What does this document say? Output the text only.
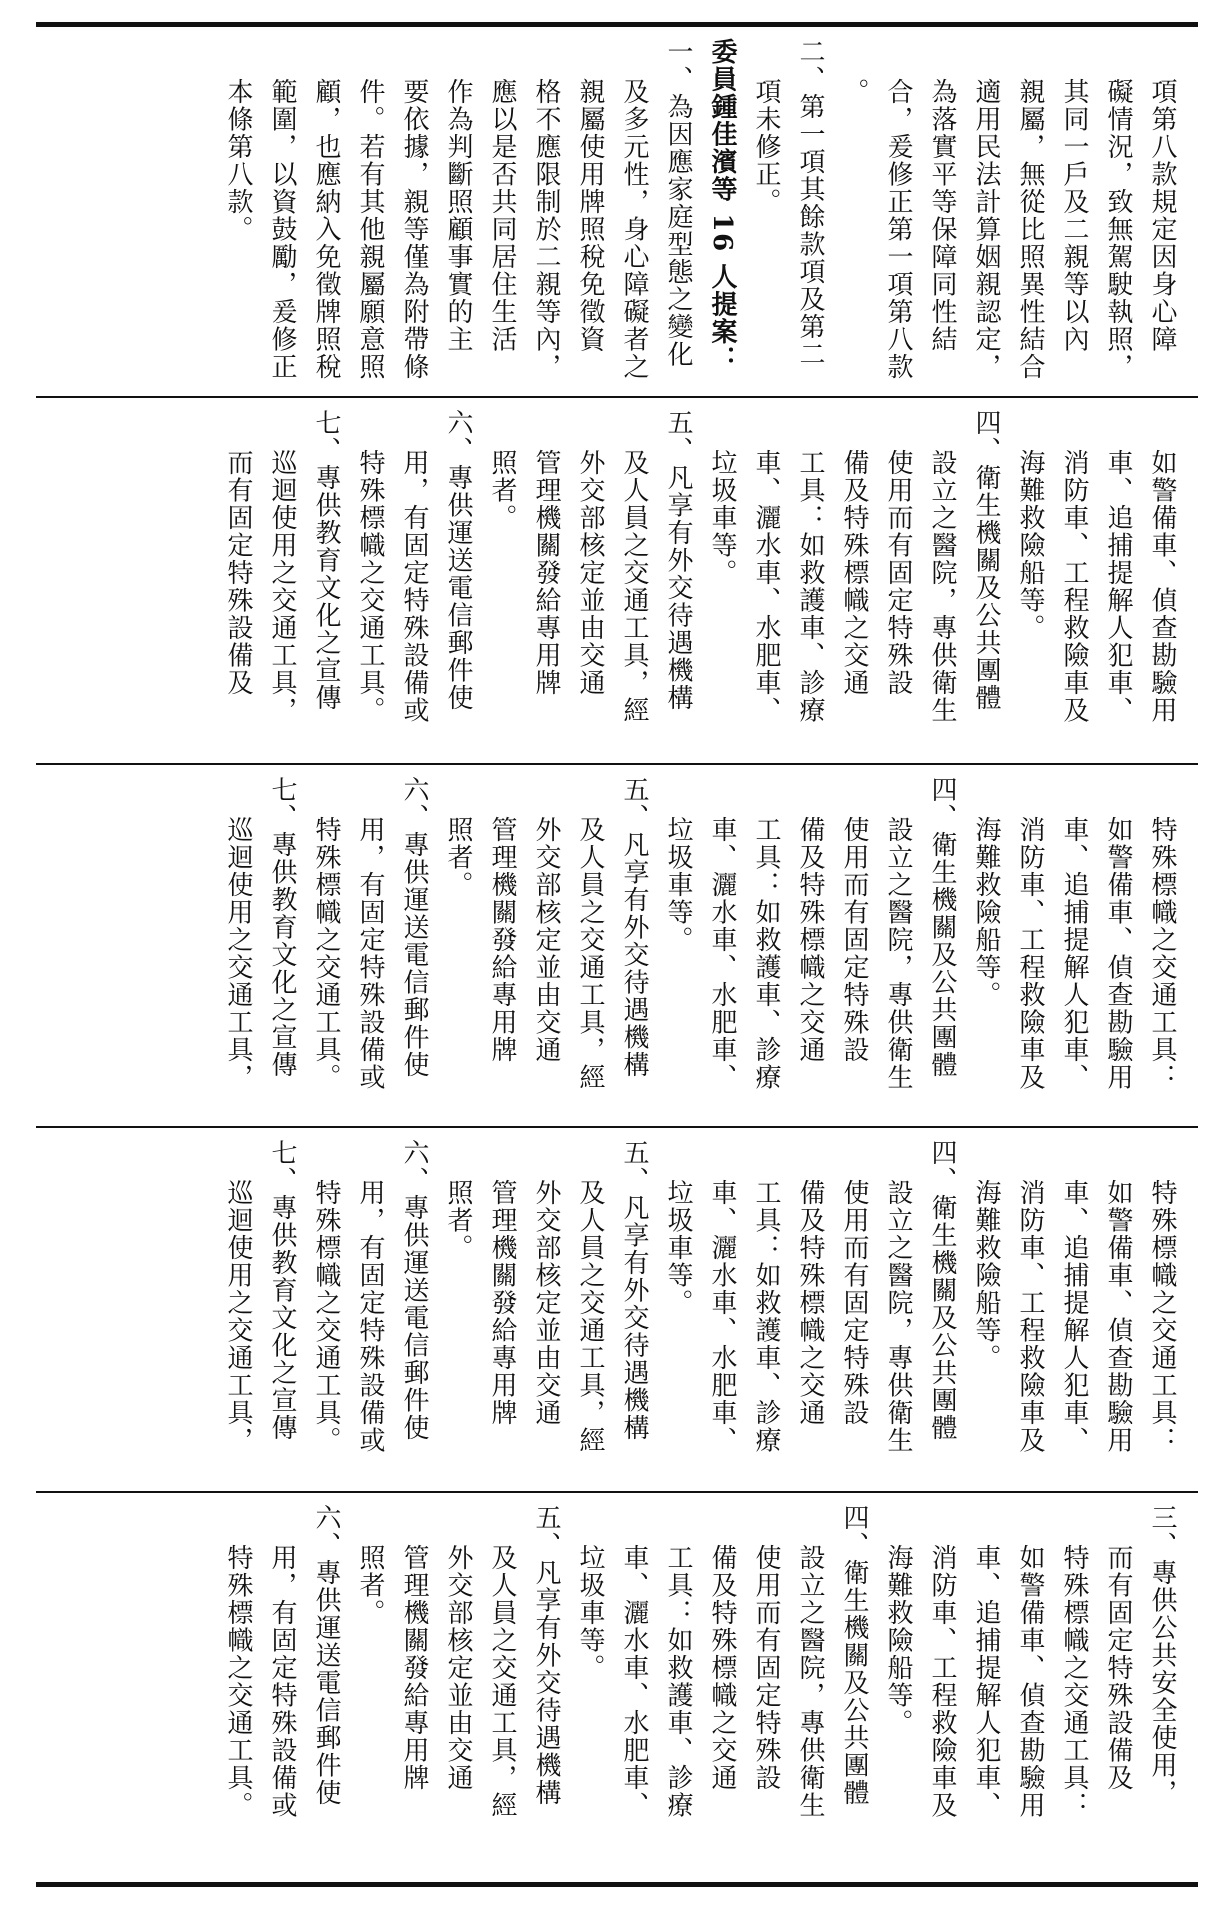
項第八款規定因身心障
礙情況，致無駕駛執照，
其同一戶及二親等以內
親屬，無從比照異性結合
適用民法計算姻親認定，
為落實平等保障同性結
合，爰修正第一項第八款
。
二、第一項其餘款項及第二
項未修正。
委員鍾佳濱等 16 人提案：
一、為因應家庭型態之變化
及多元性，身心障礙者之
親屬使用牌照稅免徵資
格不應限制於二親等內，
應以是否共同居住生活
作為判斷照顧事實的主
要依據，親等僅為附帶條
件。若有其他親屬願意照
顧，也應納入免徵牌照稅
範圍，以資鼓勵，爰修正
本條第八款。
如警備車、偵查勘驗用
車、追捕提解人犯車、
消防車、工程救險車及
海難救險船等。
四、衛生機關及公共團體
設立之醫院，專供衛生
使用而有固定特殊設
備及特殊標幟之交通
工具：如救護車、診療
車、灑水車、水肥車、
垃圾車等。
五、凡享有外交待遇機構
及人員之交通工具，經
外交部核定並由交通
管理機關發給專用牌
照者。
六、專供運送電信郵件使
用，有固定特殊設備或
特殊標幟之交通工具。
七、專供教育文化之宣傳
巡迴使用之交通工具，
而有固定特殊設備及
特殊標幟之交通工具：
如警備車、偵查勘驗用
車、追捕提解人犯車、
消防車、工程救險車及
海難救險船等。
四、衛生機關及公共團體
設立之醫院，專供衛生
使用而有固定特殊設
備及特殊標幟之交通
工具：如救護車、診療
車、灑水車、水肥車、
垃圾車等。
五、凡享有外交待遇機構
及人員之交通工具，經
外交部核定並由交通
管理機關發給專用牌
照者。
六、專供運送電信郵件使
用，有固定特殊設備或
特殊標幟之交通工具。
七、專供教育文化之宣傳
巡迴使用之交通工具，
特殊標幟之交通工具：
如警備車、偵查勘驗用
車、追捕提解人犯車、
消防車、工程救險車及
海難救險船等。
四、衛生機關及公共團體
設立之醫院，專供衛生
使用而有固定特殊設
備及特殊標幟之交通
工具：如救護車、診療
車、灑水車、水肥車、
垃圾車等。
五、凡享有外交待遇機構
及人員之交通工具，經
外交部核定並由交通
管理機關發給專用牌
照者。
六、專供運送電信郵件使
用，有固定特殊設備或
特殊標幟之交通工具。
七、專供教育文化之宣傳
巡迴使用之交通工具，
三、專供公共安全使用，
而有固定特殊設備及
特殊標幟之交通工具：
如警備車、偵查勘驗用
車、追捕提解人犯車、
消防車、工程救險車及
海難救險船等。
四、衛生機關及公共團體
設立之醫院，專供衛生
使用而有固定特殊設
備及特殊標幟之交通
工具：如救護車、診療
車、灑水車、水肥車、
垃圾車等。
五、凡享有外交待遇機構
及人員之交通工具，經
外交部核定並由交通
管理機關發給專用牌
照者。
六、專供運送電信郵件使
用，有固定特殊設備或
特殊標幟之交通工具。
